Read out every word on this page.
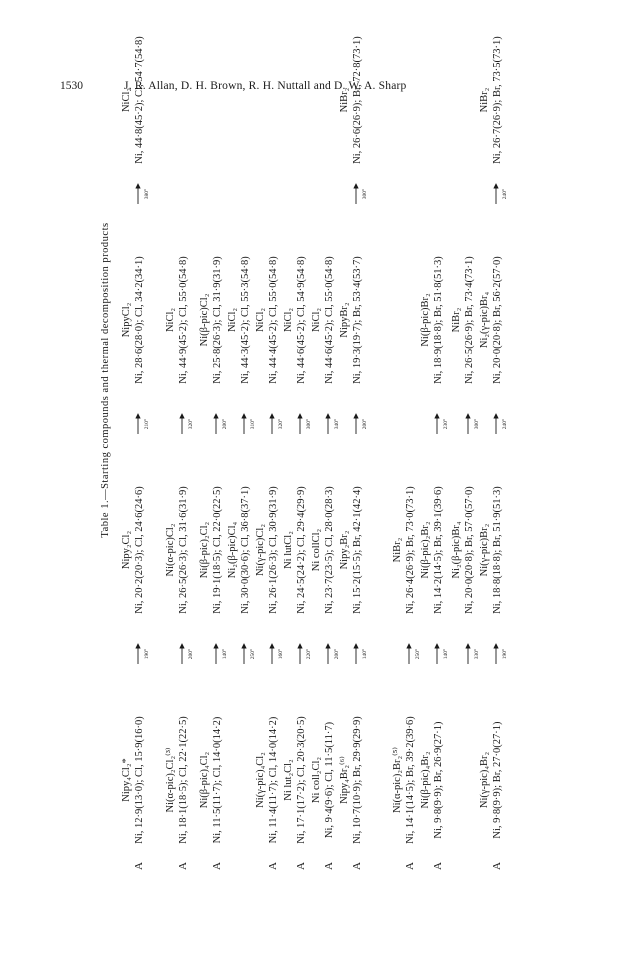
1530	J. R. Allan, D. H. Brown, R. H. Nuttall and D. W. A. Sharp
Table 1.—Starting compounds and thermal decomposition products
A
Nipy₄Cl₂* Ni, 12·9(13·0); Cl, 15·9(16·0)
190°
Nipy₂Cl₂ Ni, 20·2(20·3); Cl, 24·6(24·6)
210°
NipyCl₂ Ni, 28·6(28·0); Cl, 34·2(34·1)
380°
NiCl₂ Ni, 44·8(45·2); Cl, 54·7(54·8)
A
Ni(α-pic)₂Cl₂⁽³⁾ Ni, 18·1(18·5); Cl, 22·1(22·5)
200°
Ni(α-pic)Cl₂ Ni, 26·5(26·3); Cl, 31·6(31·9)
320°
NiCl₂ Ni, 44·9(45·2); Cl, 55·0(54·8)
A
Ni(β-pic)₄Cl₂ Ni, 11·5(11·7); Cl, 14·0(14·2)
140°
Ni(β-pic)₂Cl₂ Ni, 19·1(18·5); Cl, 22·0(22·5)
200°
Ni(β-pic)Cl₂ Ni, 25·8(26·3); Cl, 31·9(31·9)
250°
Ni₂(β-pic)Cl₄ Ni, 30·0(30·6); Cl, 36·8(37·1)
310°
NiCl₂ Ni, 44·3(45·2); Cl, 55·3(54·8)
A
Ni(γ-pic)₄Cl₂ Ni, 11·4(11·7); Cl, 14·0(14·2)
160°
Ni(γ-pic)Cl₂ Ni, 26·1(26·3); Cl, 30·9(31·9)
320°
NiCl₂ Ni, 44·4(45·2); Cl, 55·0(54·8)
A
Ni lut₂Cl₂ Ni, 17·1(17·2); Cl, 20·3(20·5)
220°
Ni lutCl₂ Ni, 24·5(24·2); Cl, 29·4(29·9)
300°
NiCl₂ Ni, 44·6(45·2); Cl, 54·9(54·8)
A
Ni coll₂Cl₂ Ni, 9·4(9·6); Cl, 11·5(11·7)
200°
Ni collCl₂ Ni, 23·7(23·5); Cl, 28·0(28·3)
340°
NiCl₂ Ni, 44·6(45·2); Cl, 55·0(54·8)
A
Nipy₄Br₂⁽⁶⁾ Ni, 10·7(10·9); Br, 29·9(29·9)
140°
Nipy₂Br₂ Ni, 15·2(15·5); Br, 42·1(42·4)
200°
NipyBr₂ Ni, 19·3(19·7); Br, 53·4(53·7)
300°
NiBr₂ Ni, 26·6(26·9); Br, 72·8(73·1)
A
Ni(α-pic)₂Br₂⁽⁵⁾ Ni, 14·1(14·5); Br, 39·2(39·6)
250°
NiBr₂ Ni, 26·4(26·9); Br, 73·0(73·1)
A
Ni(β-pic)₄Br₂ Ni, 9·8(9·9); Br, 26·9(27·1)
140°
Ni(β-pic)₂Br₂ Ni, 14·2(14·5); Br, 39·1(39·6)
230°
Ni(β-pic)Br₂ Ni, 18·9(18·8); Br, 51·8(51·3)
330°
Ni₂(β-pic)Br₄ Ni, 20·0(20·8); Br, 57·0(57·0)
300°
NiBr₂ Ni, 26·5(26·9); Br, 73·4(73·1)
A
Ni(γ-pic)₄Br₂ Ni, 9·8(9·9); Br, 27·0(27·1)
190°
Ni(γ-pic)Br₂ Ni, 18·8(18·8); Br, 51·9(51·3)
240°
Ni₂(γ-pic)Br₄ Ni, 20·0(20·8); Br, 56·2(57·0)
240°
NiBr₂ Ni, 26·7(26·9); Br, 73·5(73·1)
